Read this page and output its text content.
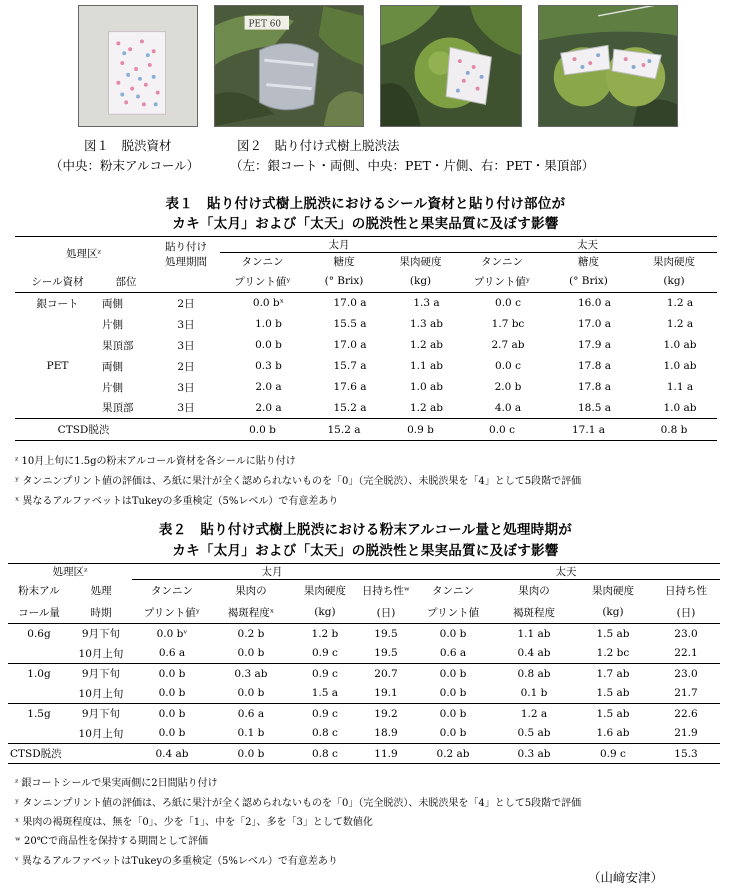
PET 60
図１　脱渋資材	図２　貼り付け式樹上脱渋法
（中央：粉末アルコール） （左：銀コート・両側、中央：PET・片側、右：PET・果頂部）
表１　貼り付け式樹上脱渋におけるシール資材と貼り付け部位が
カキ「太月」および「太天」の脱渋性と果実品質に及ぼす影響
処理区ᶻ		貼り付け
処理期間	太月			太天		
			タンニン	糖度	果肉硬度	タンニン	糖度	果肉硬度
シール資材	部位		プリント値ʸ	(° Brix)	(kg)	プリント値ʸ	(° Brix)	(kg)
銀コート	両側	2日	0.0 bˣ	17.0 a	1.3 a	0.0 c	16.0 a	1.2 a
	片側	3日	1.0 b	15.5 a	1.3 ab	1.7 bc	17.0 a	1.2 a
	果頂部	3日	0.0 b	17.0 a	1.2 ab	2.7 ab	17.9 a	1.0 ab
PET	両側	2日	0.3 b	15.7 a	1.1 ab	0.0 c	17.8 a	1.0 ab
	片側	3日	2.0 a	17.6 a	1.0 ab	2.0 b	17.8 a	1.1 a
	果頂部	3日	2.0 a	15.2 a	1.2 ab	4.0 a	18.5 a	1.0 ab
CTSD脱渋			0.0 b	15.2 a	0.9 b	0.0 c	17.1 a	0.8 b
ᶻ 10月上旬に1.5gの粉末アルコール資材を各シールに貼り付け
ʸ タンニンプリント値の評価は、ろ紙に果汁が全く認められないものを「0」（完全脱渋）、未脱渋果を「4」として5段階で評価
ˣ 異なるアルファベットはTukeyの多重検定（5%レベル）で有意差あり
表２　貼り付け式樹上脱渋における粉末アルコール量と処理時期が
カキ「太月」および「太天」の脱渋性と果実品質に及ぼす影響
処理区ᶻ		太月				太天			
粉末アル	処理	タンニン	果肉の	果肉硬度	日持ち性ʷ	タンニン	果肉の	果肉硬度	日持ち性
コール量	時期	プリント値ʸ	褐斑程度ˣ	(kg)	(日)	プリント値	褐斑程度	(kg)	(日)
0.6g	9月下旬	0.0 bᵛ	0.2 b	1.2 b	19.5	0.0 b	1.1 ab	1.5 ab	23.0
	10月上旬	0.6 a	0.0 b	0.9 c	19.5	0.6 a	0.4 ab	1.2 bc	22.1
1.0g	9月下旬	0.0 b	0.3 ab	0.9 c	20.7	0.0 b	0.8 ab	1.7 ab	23.0
	10月上旬	0.0 b	0.0 b	1.5 a	19.1	0.0 b	0.1 b	1.5 ab	21.7
1.5g	9月下旬	0.0 b	0.6 a	0.9 c	19.2	0.0 b	1.2 a	1.5 ab	22.6
	10月上旬	0.0 b	0.1 b	0.8 c	18.9	0.0 b	0.5 ab	1.6 ab	21.9
CTSD脱渋		0.4 ab	0.0 b	0.8 c	11.9	0.2 ab	0.3 ab	0.9 c	15.3
ᶻ 銀コートシールで果実両側に2日間貼り付け
ʸ タンニンプリント値の評価は、ろ紙に果汁が全く認められないものを「0」（完全脱渋）、未脱渋果を「4」として5段階で評価
ˣ 果肉の褐斑程度は、無を「0」、少を「1」、中を「2」、多を「3」として数値化
ʷ 20℃で商品性を保持する期間として評価
ᵛ 異なるアルファベットはTukeyの多重検定（5%レベル）で有意差あり
（山﨑安津）
